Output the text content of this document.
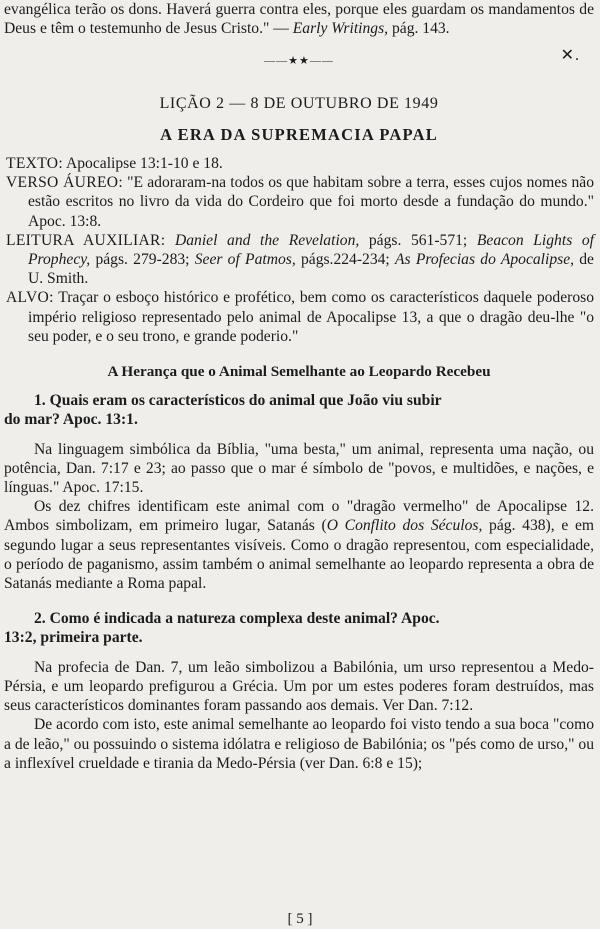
evangélica terão os dons. Haverá guerra contra eles, porque eles guardam os mandamentos de Deus e têm o testemunho de Jesus Cristo." — Early Writings, pág. 143.

——★★——	✕.

LIÇÃO 2 — 8 DE OUTUBRO DE 1949

A ERA DA SUPREMACIA PAPAL

TEXTO: Apocalipse 13:1-10 e 18.

VERSO ÁUREO: "E adoraram-na todos os que habitam sobre a terra, esses cujos nomes não estão escritos no livro da vida do Cordeiro que foi morto desde a fundação do mundo." Apoc. 13:8.

LEITURA AUXILIAR: Daniel and the Revelation, págs. 561-571; Beacon Lights of Prophecy, págs. 279-283; Seer of Patmos, págs.224-234; As Profecias do Apocalipse, de U. Smith.

ALVO: Traçar o esboço histórico e profético, bem como os característicos daquele poderoso império religioso representado pelo animal de Apocalipse 13, a que o dragão deu-lhe "o seu poder, e o seu trono, e grande poderio."

A Herança que o Animal Semelhante ao Leopardo Recebeu

1. Quais eram os característicos do animal que João viu subir

do mar? Apoc. 13:1.

Na linguagem simbólica da Bíblia, "uma besta," um animal, representa uma nação, ou potência, Dan. 7:17 e 23; ao passo que o mar é símbolo de "povos, e multidões, e nações, e línguas." Apoc. 17:15.

Os dez chifres identificam este animal com o "dragão vermelho" de Apocalipse 12. Ambos simbolizam, em primeiro lugar, Satanás (O Conflito dos Séculos, pág. 438), e em segundo lugar a seus representantes visíveis. Como o dragão representou, com especialidade, o período de paganismo, assim também o animal semelhante ao leopardo representa a obra de Satanás mediante a Roma papal.

2. Como é indicada a natureza complexa deste animal? Apoc.

13:2, primeira parte.

Na profecia de Dan. 7, um leão simbolizou a Babilónia, um urso representou a Medo-Pérsia, e um leopardo prefigurou a Grécia. Um por um estes poderes foram destruídos, mas seus característicos dominantes foram passando aos demais. Ver Dan. 7:12.

De acordo com isto, este animal semelhante ao leopardo foi visto tendo a sua boca "como a de leão," ou possuindo o sistema idólatra e religioso de Babilónia; os "pés como de urso," ou a inflexível crueldade e tirania da Medo-Pérsia (ver Dan. 6:8 e 15);

[ 5 ]
